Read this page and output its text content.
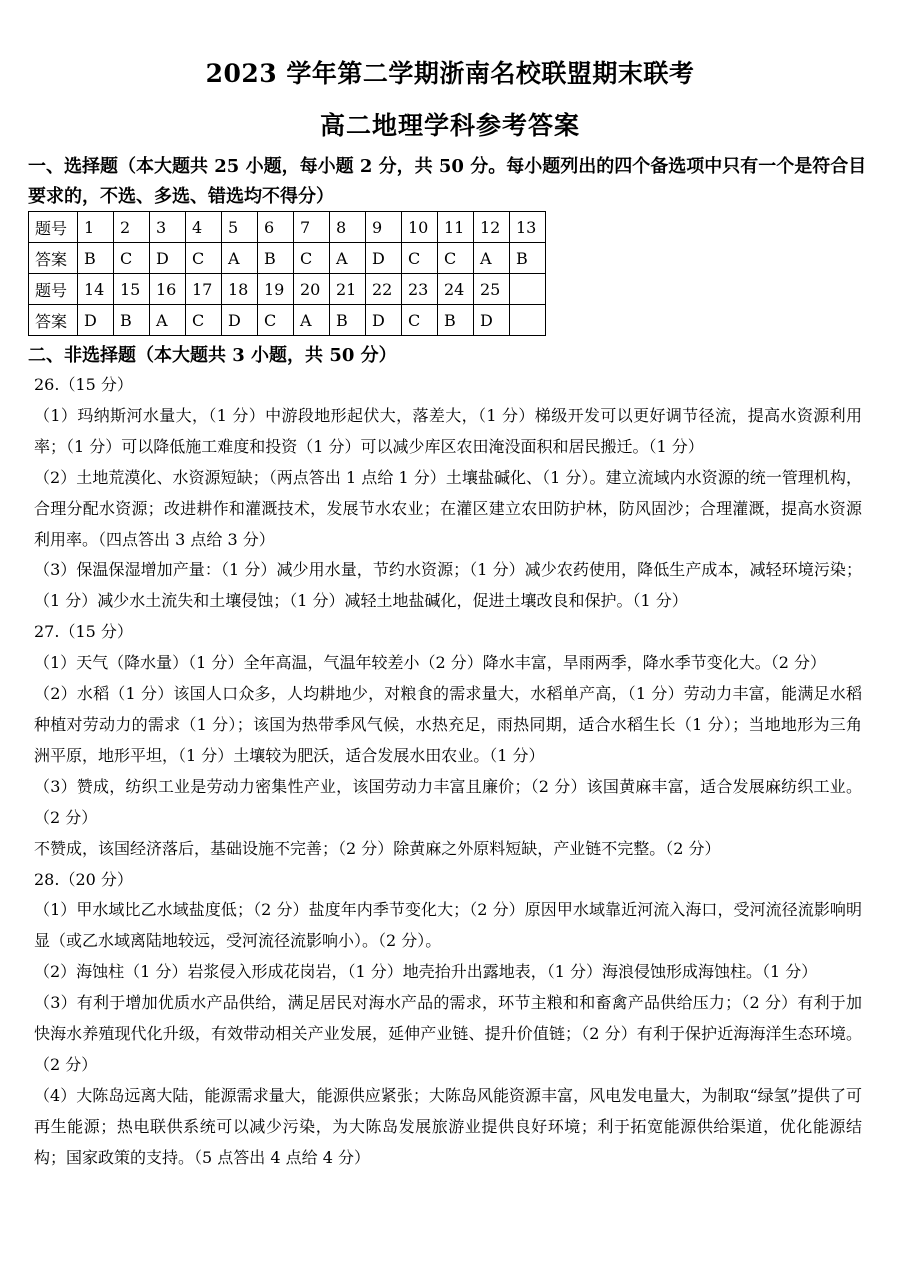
2023 学年第二学期浙南名校联盟期末联考
高二地理学科参考答案
一、选择题（本大题共 25 小题，每小题 2 分，共 50 分。每小题列出的四个备选项中只有一个是符合目要求的，不选、多选、错选均不得分）
题号	1	2	3	4	5	6	7	8	9	10	11	12	13
答案	B	C	D	C	A	B	C	A	D	C	C	A	B
题号	14	15	16	17	18	19	20	21	22	23	24	25	
答案	D	B	A	C	D	C	A	B	D	C	B	D	
二、非选择题（本大题共 3 小题，共 50 分）

26.（15 分）

（1）玛纳斯河水量大，（1 分）中游段地形起伏大，落差大，（1 分）梯级开发可以更好调节径流，提高水资源利用率；（1 分）可以降低施工难度和投资（1 分）可以减少库区农田淹没面积和居民搬迁。（1 分）

（2）土地荒漠化、水资源短缺；（两点答出 1 点给 1 分）土壤盐碱化、（1 分）。建立流域内水资源的统一管理机构，合理分配水资源；改进耕作和灌溉技术，发展节水农业；在灌区建立农田防护林，防风固沙；合理灌溉，提高水资源利用率。（四点答出 3 点给 3 分）

（3）保温保湿增加产量：（1 分）减少用水量，节约水资源；（1 分）减少农药使用，降低生产成本，减轻环境污染；（1 分）减少水土流失和土壤侵蚀；（1 分）减轻土地盐碱化，促进土壤改良和保护。（1 分）

27.（15 分）

（1）天气（降水量）（1 分）全年高温，气温年较差小（2 分）降水丰富，旱雨两季，降水季节变化大。（2 分）

（2）水稻（1 分）该国人口众多，人均耕地少，对粮食的需求量大，水稻单产高，（1 分）劳动力丰富，能满足水稻种植对劳动力的需求（1 分）；该国为热带季风气候，水热充足，雨热同期，适合水稻生长（1 分）；当地地形为三角洲平原，地形平坦，（1 分）土壤较为肥沃，适合发展水田农业。（1 分）

（3）赞成，纺织工业是劳动力密集性产业，该国劳动力丰富且廉价；（2 分）该国黄麻丰富，适合发展麻纺织工业。（2 分）

不赞成，该国经济落后，基础设施不完善；（2 分）除黄麻之外原料短缺，产业链不完整。（2 分）

28.（20 分）

（1）甲水域比乙水域盐度低；（2 分）盐度年内季节变化大；（2 分）原因甲水域靠近河流入海口，受河流径流影响明显（或乙水域离陆地较远，受河流径流影响小）。（2 分）。

（2）海蚀柱（1 分）岩浆侵入形成花岗岩，（1 分）地壳抬升出露地表，（1 分）海浪侵蚀形成海蚀柱。（1 分）

（3）有利于增加优质水产品供给，满足居民对海水产品的需求，环节主粮和和畜禽产品供给压力；（2 分）有利于加快海水养殖现代化升级，有效带动相关产业发展，延伸产业链、提升价值链；（2 分）有利于保护近海海洋生态环境。（2 分）

（4）大陈岛远离大陆，能源需求量大，能源供应紧张；大陈岛风能资源丰富，风电发电量大，为制取“绿氢”提供了可再生能源；热电联供系统可以减少污染，为大陈岛发展旅游业提供良好环境；利于拓宽能源供给渠道，优化能源结构；国家政策的支持。（5 点答出 4 点给 4 分）
